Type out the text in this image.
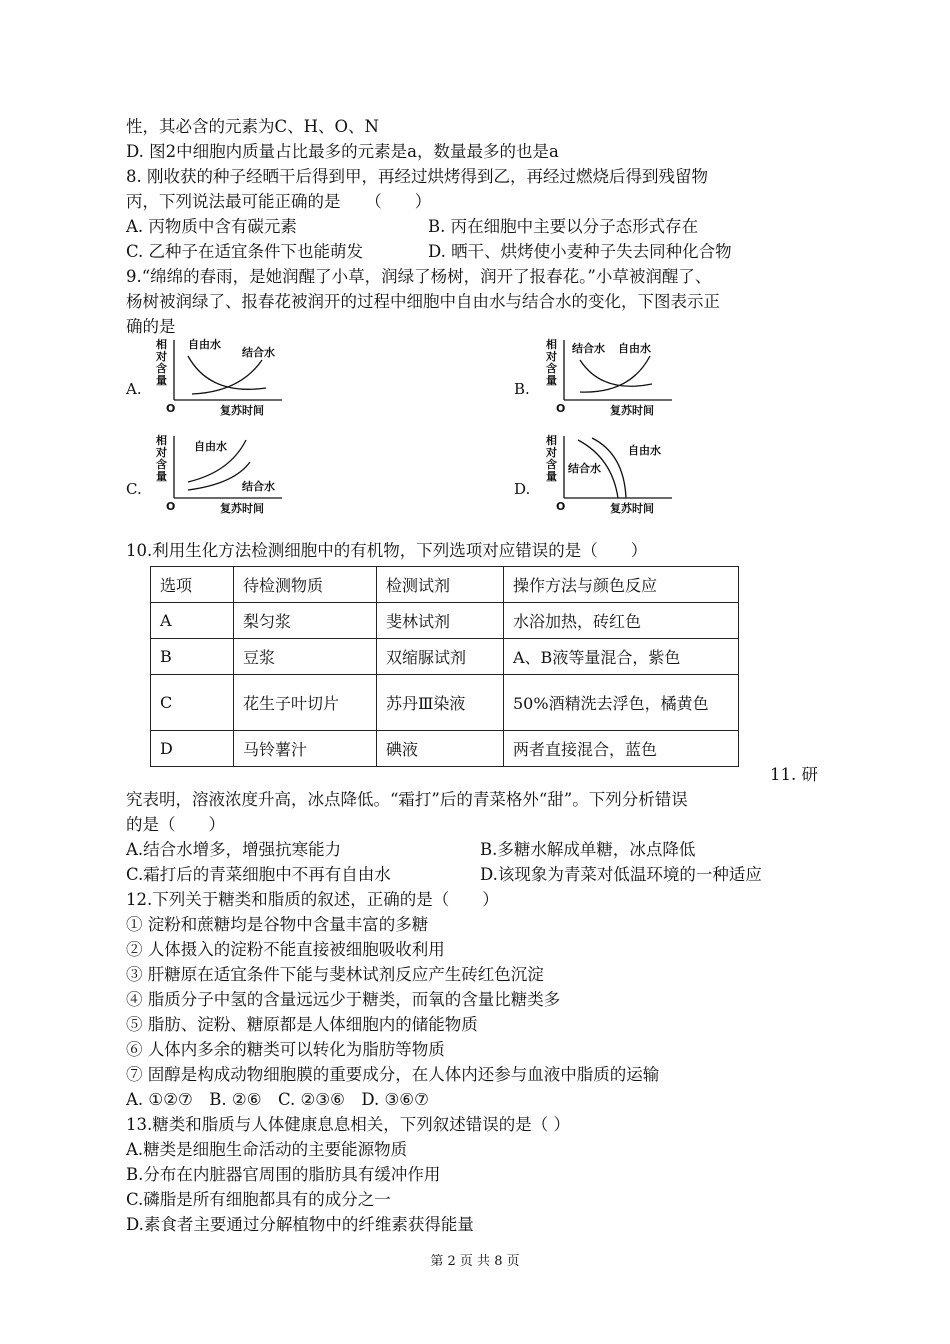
性，其必含的元素为C、H、O、N
D. 图2中细胞内质量占比最多的元素是a，数量最多的也是a
8. 刚收获的种子经晒干后得到甲，再经过烘烤得到乙，再经过燃烧后得到残留物
丙，下列说法最可能正确的是　　（　　）
A. 丙物质中含有碳元素	B. 丙在细胞中主要以分子态形式存在
C. 乙种子在适宜条件下也能萌发	D. 晒干、烘烤使小麦种子失去同种化合物
9.“绵绵的春雨，是她润醒了小草，润绿了杨树，润开了报春花。”小草被润醒了、
杨树被润绿了、报春花被润开的过程中细胞中自由水与结合水的变化，下图表示正
确的是
A.	B.
C.	D.
相
对
含
量
O	复苏时间
自由水
结合水
相
对
含
量
O	复苏时间
结合水 自由水
相
对
含
量
O	复苏时间
自由水
结合水
相
对
含
量
O	复苏时间
结合水
自由水
10.利用生化方法检测细胞中的有机物，下列选项对应错误的是（　　）
选项	待检测物质	检测试剂	操作方法与颜色反应
A	梨匀浆	斐林试剂	水浴加热，砖红色
B	豆浆	双缩脲试剂	A、B液等量混合，紫色
C	花生子叶切片	苏丹Ⅲ染液	50%酒精洗去浮色，橘黄色
D	马铃薯汁	碘液	两者直接混合，蓝色
11. 研
究表明，溶液浓度升高，冰点降低。“霜打”后的青菜格外“甜”。下列分析错误
的是（　　）
A.结合水增多，增强抗寒能力	B.多糖水解成单糖，冰点降低
C.霜打后的青菜细胞中不再有自由水	D.该现象为青菜对低温环境的一种适应
12.下列关于糖类和脂质的叙述，正确的是（　　）
① 淀粉和蔗糖均是谷物中含量丰富的多糖
② 人体摄入的淀粉不能直接被细胞吸收利用
③ 肝糖原在适宜条件下能与斐林试剂反应产生砖红色沉淀
④ 脂质分子中氢的含量远远少于糖类，而氧的含量比糖类多
⑤ 脂肪、淀粉、糖原都是人体细胞内的储能物质
⑥ 人体内多余的糖类可以转化为脂肪等物质
⑦ 固醇是构成动物细胞膜的重要成分，在人体内还参与血液中脂质的运输
A. ①②⑦　B. ②⑥　C. ②③⑥　D. ③⑥⑦
13.糖类和脂质与人体健康息息相关，下列叙述错误的是（ ）
A.糖类是细胞生命活动的主要能源物质
B.分布在内脏器官周围的脂肪具有缓冲作用
C.磷脂是所有细胞都具有的成分之一
D.素食者主要通过分解植物中的纤维素获得能量
第 2 页 共 8 页
